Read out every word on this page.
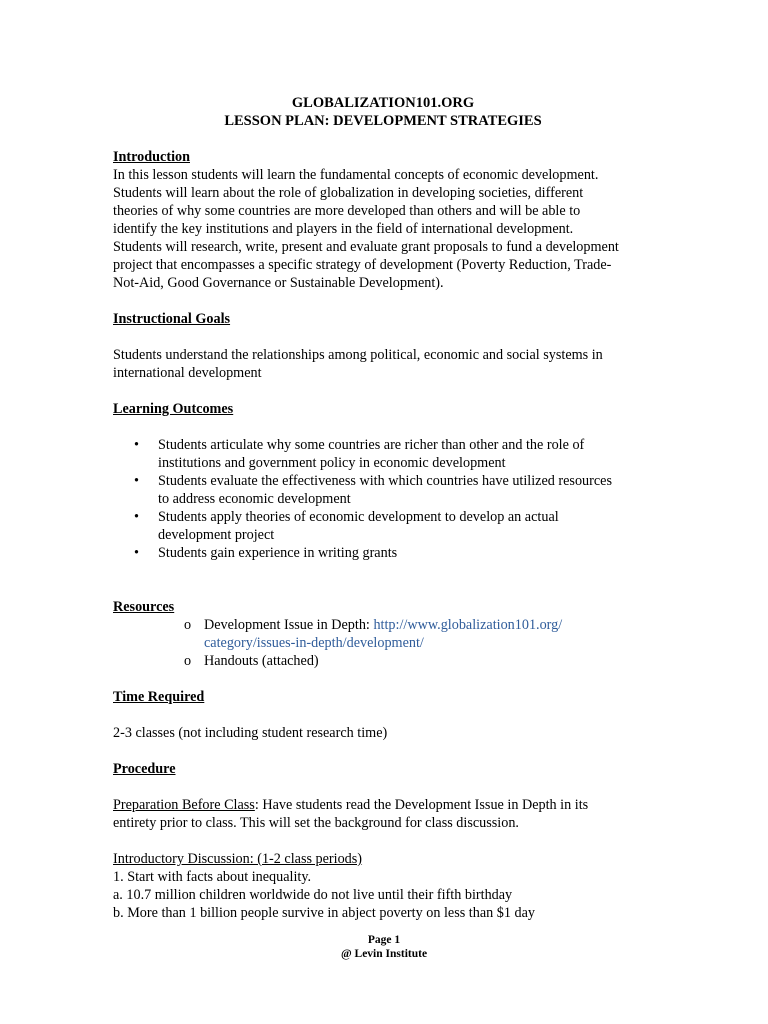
GLOBALIZATION101.ORG

LESSON PLAN: DEVELOPMENT STRATEGIES

Introduction

In this lesson students will learn the fundamental concepts of economic development.

Students will learn about the role of globalization in developing societies, different

theories of why some countries are more developed than others and will be able to

identify the key institutions and players in the field of international development.

Students will research, write, present and evaluate grant proposals to fund a development

project that encompasses a specific strategy of development (Poverty Reduction, Trade-

Not-Aid, Good Governance or Sustainable Development).

Instructional Goals

Students understand the relationships among political, economic and social systems in

international development

Learning Outcomes
• Students articulate why some countries are richer than other and the role of
institutions and government policy in economic development
• Students evaluate the effectiveness with which countries have utilized resources
to address economic development
• Students apply theories of economic development to develop an actual
development project
• Students gain experience in writing grants
Resources
o Development Issue in Depth: http://www.globalization101.org/
category/issues-in-depth/development/
o Handouts (attached)
Time Required

2-3 classes (not including student research time)

Procedure

Preparation Before Class: Have students read the Development Issue in Depth in its

entirety prior to class. This will set the background for class discussion.

Introductory Discussion: (1-2 class periods)

1. Start with facts about inequality.

a. 10.7 million children worldwide do not live until their fifth birthday

b. More than 1 billion people survive in abject poverty on less than $1 day

Page 1
@ Levin Institute
